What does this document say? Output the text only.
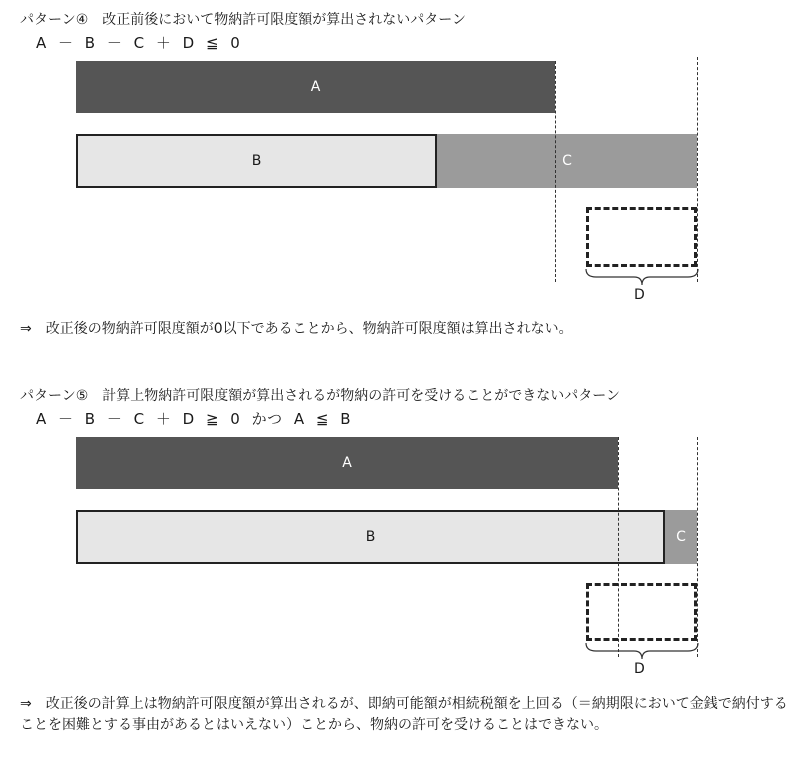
パターン④　改正前後において物納許可限度額が算出されないパターン
A － B － C ＋ D ≦ 0
A
B	C
D
⇒　改正後の物納許可限度額が0以下であることから、物納許可限度額は算出されない。
パターン⑤　計算上物納許可限度額が算出されるが物納の許可を受けることができないパターン
A － B － C ＋ D ≧ 0 かつ A ≦ B
A
B	C
D
⇒　改正後の計算上は物納許可限度額が算出されるが、即納可能額が相続税額を上回る（＝納期限において金銭で納付することを困難とする事由があるとはいえない）ことから、物納の許可を受けることはできない。
